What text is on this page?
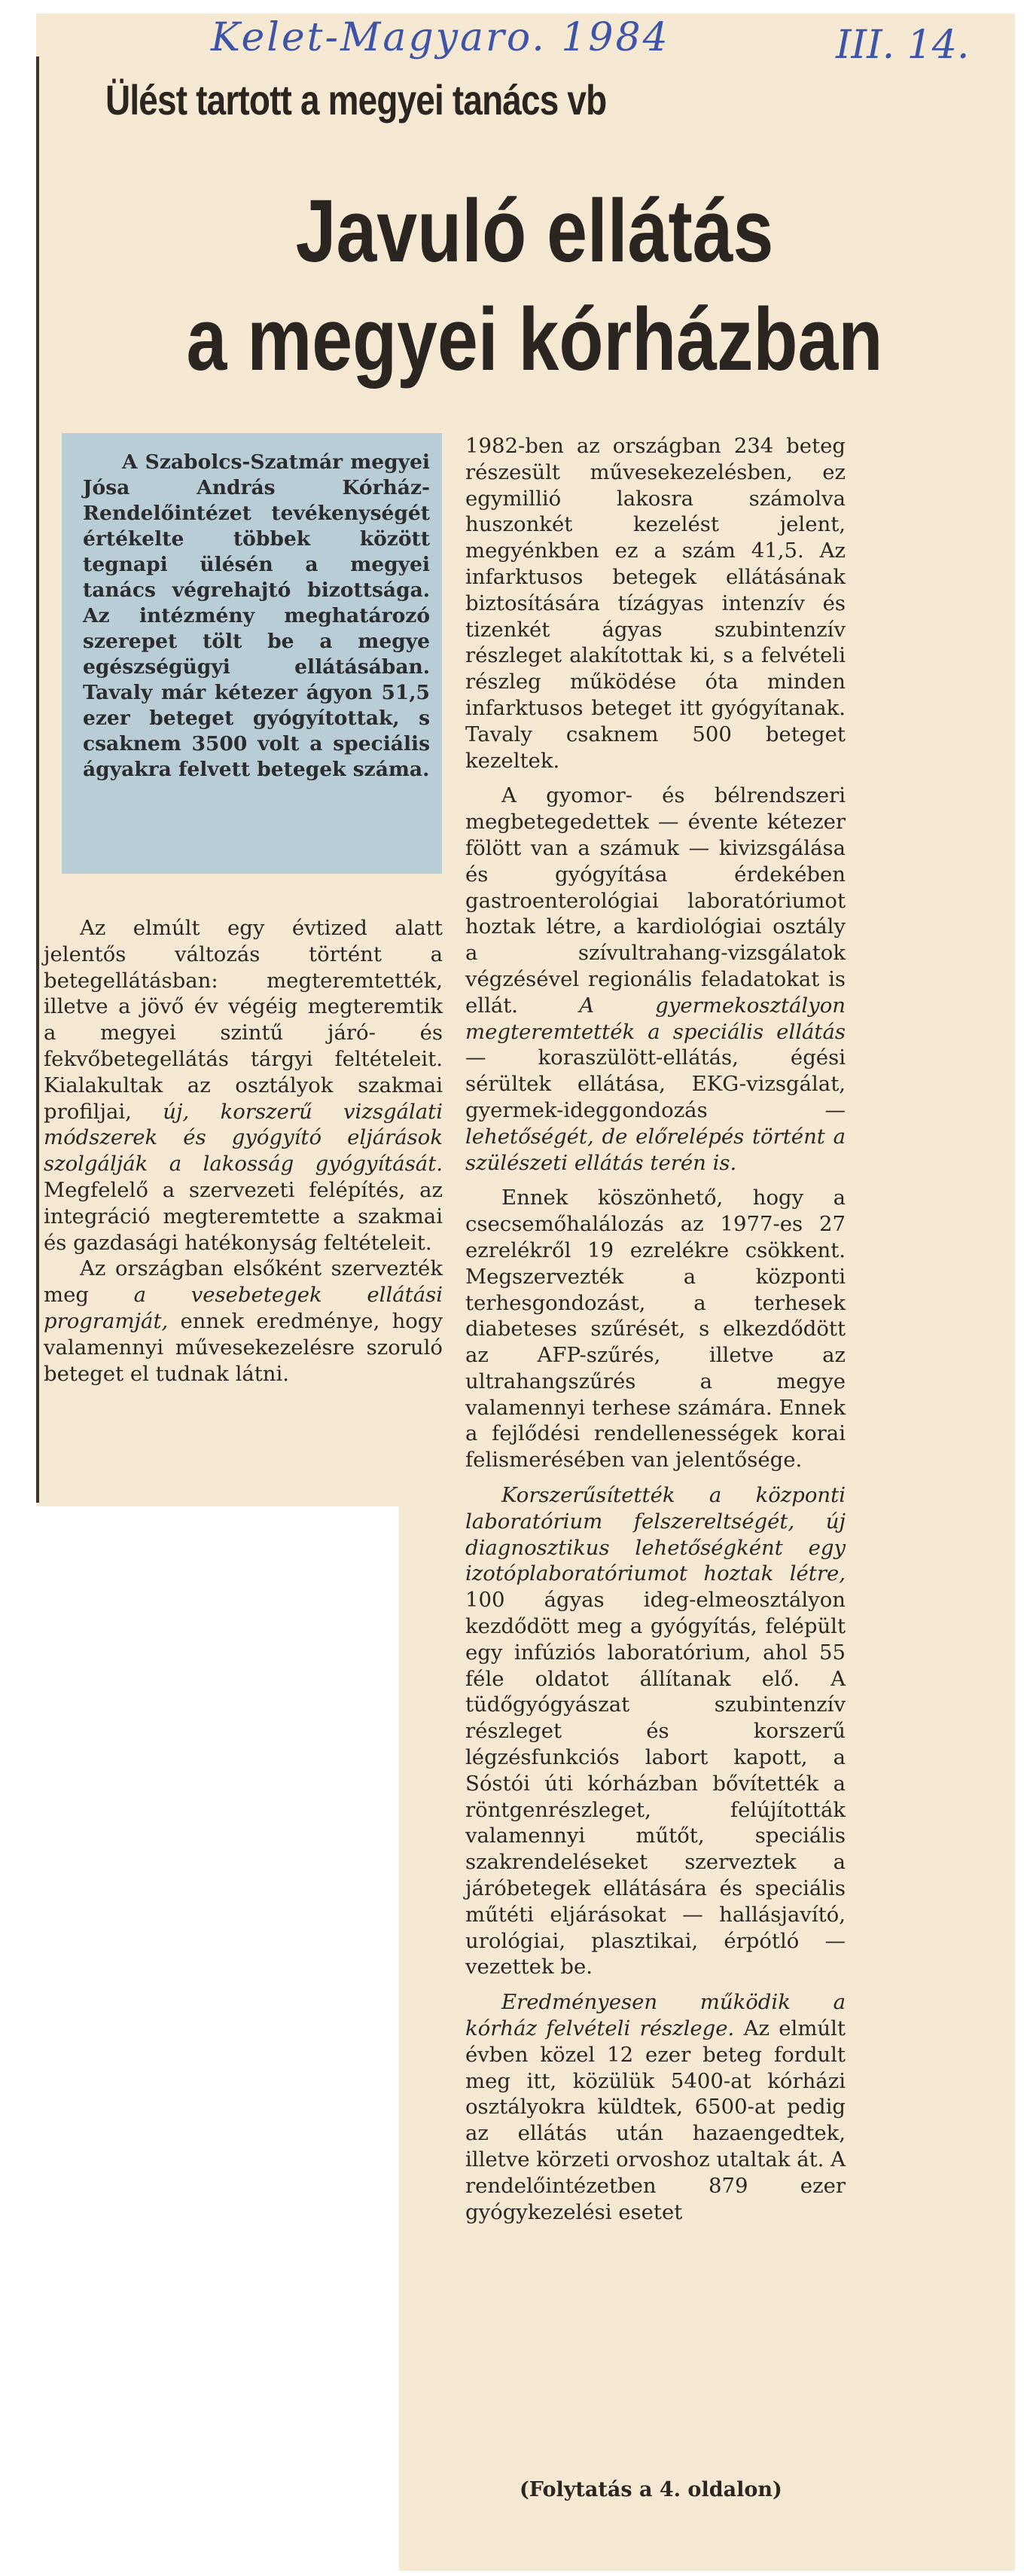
Kelet-Magyaro. 1984	III. 14.
Ülést tartott a megyei tanács vb
Javuló ellátás
a megyei kórházban
A Szabolcs-Szatmár megyei Jósa András Kórház-Rendelőintézet tevékenységét értékelte többek között tegnapi ülésén a megyei tanács végrehajtó bizottsága. Az intézmény meghatározó szerepet tölt be a megye egészségügyi ellátásában. Tavaly már kétezer ágyon 51,5 ezer beteget gyógyítottak, s csaknem 3500 volt a speciális ágyakra felvett betegek száma.

Az elmúlt egy évtized alatt jelentős változás történt a betegellátásban: megteremtették, illetve a jövő év végéig megteremtik a megyei szintű járó- és fekvőbetegellátás tárgyi feltételeit. Kialakultak az osztályok szakmai profiljai, új, korszerű vizsgálati módszerek és gyógyító eljárások szolgálják a lakosság gyógyítását. Megfelelő a szervezeti felépítés, az integráció megteremtette a szakmai és gazdasági hatékonyság feltételeit.

Az országban elsőként szervezték meg a vesebetegek ellátási programját, ennek eredménye, hogy valamennyi művesekezelésre szoruló beteget el tudnak látni.

1982-ben az országban 234 beteg részesült művesekezelésben, ez egymillió lakosra számolva huszonkét kezelést jelent, megyénkben ez a szám 41,5. Az infarktusos betegek ellátásának biztosítására tízágyas intenzív és tizenkét ágyas szubintenzív részleget alakítottak ki, s a felvételi részleg működése óta minden infarktusos beteget itt gyógyítanak. Tavaly csaknem 500 beteget kezeltek.

A gyomor- és bélrendszeri megbetegedettek — évente kétezer fölött van a számuk — kivizsgálása és gyógyítása érdekében gastroenterológiai laboratóriumot hoztak létre, a kardiológiai osztály a szívultrahang-vizsgálatok végzésével regionális feladatokat is ellát. A gyermekosztályon megteremtették a speciális ellátás — koraszülött-ellátás, égési sérültek ellátása, EKG-vizsgálat, gyermek-ideggondozás — lehetőségét, de előrelépés történt a szülészeti ellátás terén is.

Ennek köszönhető, hogy a csecsemőhalálozás az 1977-es 27 ezrelékről 19 ezrelékre csökkent. Megszervezték a központi terhesgondozást, a terhesek diabeteses szűrését, s elkezdődött az AFP-szűrés, illetve az ultrahangszűrés a megye valamennyi terhese számára. Ennek a fejlődési rendellenességek korai felismerésében van jelentősége.

Korszerűsítették a központi laboratórium felszereltségét, új diagnosztikus lehetőségként egy izotóplaboratóriumot hoztak létre, 100 ágyas ideg-elmeosztályon kezdődött meg a gyógyítás, felépült egy infúziós laboratórium, ahol 55 féle oldatot állítanak elő. A tüdőgyógyászat szubintenzív részleget és korszerű légzésfunkciós labort kapott, a Sóstói úti kórházban bővítették a röntgenrészleget, felújították valamennyi műtőt, speciális szakrendeléseket szerveztek a járóbetegek ellátására és speciális műtéti eljárásokat — hallásjavító, urológiai, plasztikai, érpótló — vezettek be.

Eredményesen működik a kórház felvételi részlege. Az elmúlt évben közel 12 ezer beteg fordult meg itt, közülük 5400-at kórházi osztályokra küldtek, 6500-at pedig az ellátás után hazaengedtek, illetve körzeti orvoshoz utaltak át. A rendelőintézetben 879 ezer gyógykezelési esetet

(Folytatás a 4. oldalon)
